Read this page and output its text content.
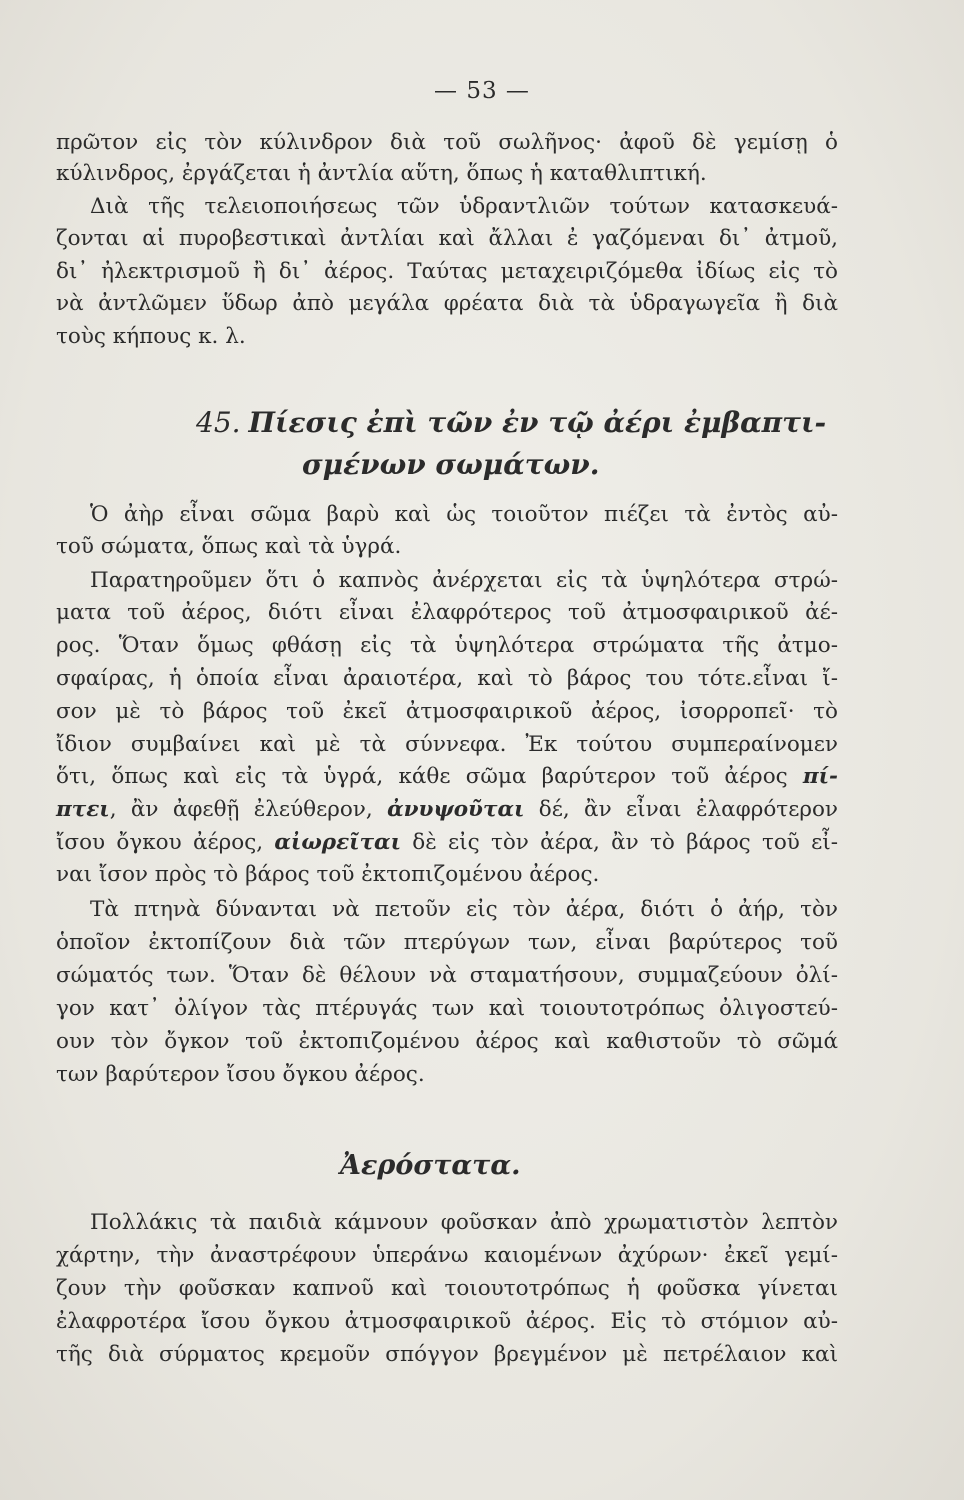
— 53 —
πρῶτον εἰς τὸν κύλινδρον διὰ τοῦ σωλῆνος· ἀφοῦ δὲ γεμίσῃ ὁ
κύλινδρος, ἐργάζεται ἡ ἀντλία αὕτη, ὅπως ἡ καταθλιπτική.
Διὰ τῆς τελειοποιήσεως τῶν ὑδραντλιῶν τούτων κατασκευά-
ζονται αἱ πυροβεστικαὶ ἀντλίαι καὶ ἄλλαι ἐ γαζόμεναι δι᾿ ἀτμοῦ,
δι᾿ ἠλεκτρισμοῦ ἢ δι᾿ ἀέρος. Ταύτας μεταχειριζόμεθα ἰδίως εἰς τὸ
νὰ ἀντλῶμεν ὕδωρ ἀπὸ μεγάλα φρέατα διὰ τὰ ὑδραγωγεῖα ἢ διὰ
τοὺς κήπους κ. λ.
45. Πίεσις ἐπὶ τῶν ἐν τῷ ἀέρι ἐμβαπτι-
σμένων σωμάτων.
Ὁ ἀὴρ εἶναι σῶμα βαρὺ καὶ ὡς τοιοῦτον πιέζει τὰ ἐντὸς αὐ-
τοῦ σώματα, ὅπως καὶ τὰ ὑγρά.
Παρατηροῦμεν ὅτι ὁ καπνὸς ἀνέρχεται εἰς τὰ ὑψηλότερα στρώ-
ματα τοῦ ἀέρος, διότι εἶναι ἐλαφρότερος τοῦ ἀτμοσφαιρικοῦ ἀέ-
ρος. Ὅταν ὅμως φθάσῃ εἰς τὰ ὑψηλότερα στρώματα τῆς ἀτμο-
σφαίρας, ἡ ὁποία εἶναι ἀραιοτέρα, καὶ τὸ βάρος του τότε.εἶναι ἴ-
σον μὲ τὸ βάρος τοῦ ἐκεῖ ἀτμοσφαιρικοῦ ἀέρος, ἰσορροπεῖ· τὸ
ἴδιον συμβαίνει καὶ μὲ τὰ σύννεφα. Ἐκ τούτου συμπεραίνομεν
ὅτι, ὅπως καὶ εἰς τὰ ὑγρά, κάθε σῶμα βαρύτερον τοῦ ἀέρος πί-
πτει, ἂν ἀφεθῇ ἐλεύθερον, ἀνυψοῦται δέ, ἂν εἶναι ἐλαφρότερον
ἴσου ὄγκου ἀέρος, αἰωρεῖται δὲ εἰς τὸν ἀέρα, ἂν τὸ βάρος τοῦ εἶ-
ναι ἴσον πρὸς τὸ βάρος τοῦ ἐκτοπιζομένου ἀέρος.
Τὰ πτηνὰ δύνανται νὰ πετοῦν εἰς τὸν ἀέρα, διότι ὁ ἀήρ, τὸν
ὁποῖον ἐκτοπίζουν διὰ τῶν πτερύγων των, εἶναι βαρύτερος τοῦ
σώματός των. Ὅταν δὲ θέλουν νὰ σταματήσουν, συμμαζεύουν ὀλί-
γον κατ᾿ ὀλίγον τὰς πτέρυγάς των καὶ τοιουτοτρόπως ὀλιγοστεύ-
ουν τὸν ὄγκον τοῦ ἐκτοπιζομένου ἀέρος καὶ καθιστοῦν τὸ σῶμά
των βαρύτερον ἴσου ὄγκου ἀέρος.
Ἀερόστατα.
Πολλάκις τὰ παιδιὰ κάμνουν φοῦσκαν ἀπὸ χρωματιστὸν λεπτὸν
χάρτην, τὴν ἀναστρέφουν ὑπεράνω καιομένων ἀχύρων· ἐκεῖ γεμί-
ζουν τὴν φοῦσκαν καπνοῦ καὶ τοιουτοτρόπως ἡ φοῦσκα γίνεται
ἐλαφροτέρα ἴσου ὄγκου ἀτμοσφαιρικοῦ ἀέρος. Εἰς τὸ στόμιον αὐ-
τῆς διὰ σύρματος κρεμοῦν σπόγγον βρεγμένον μὲ πετρέλαιον καὶ
